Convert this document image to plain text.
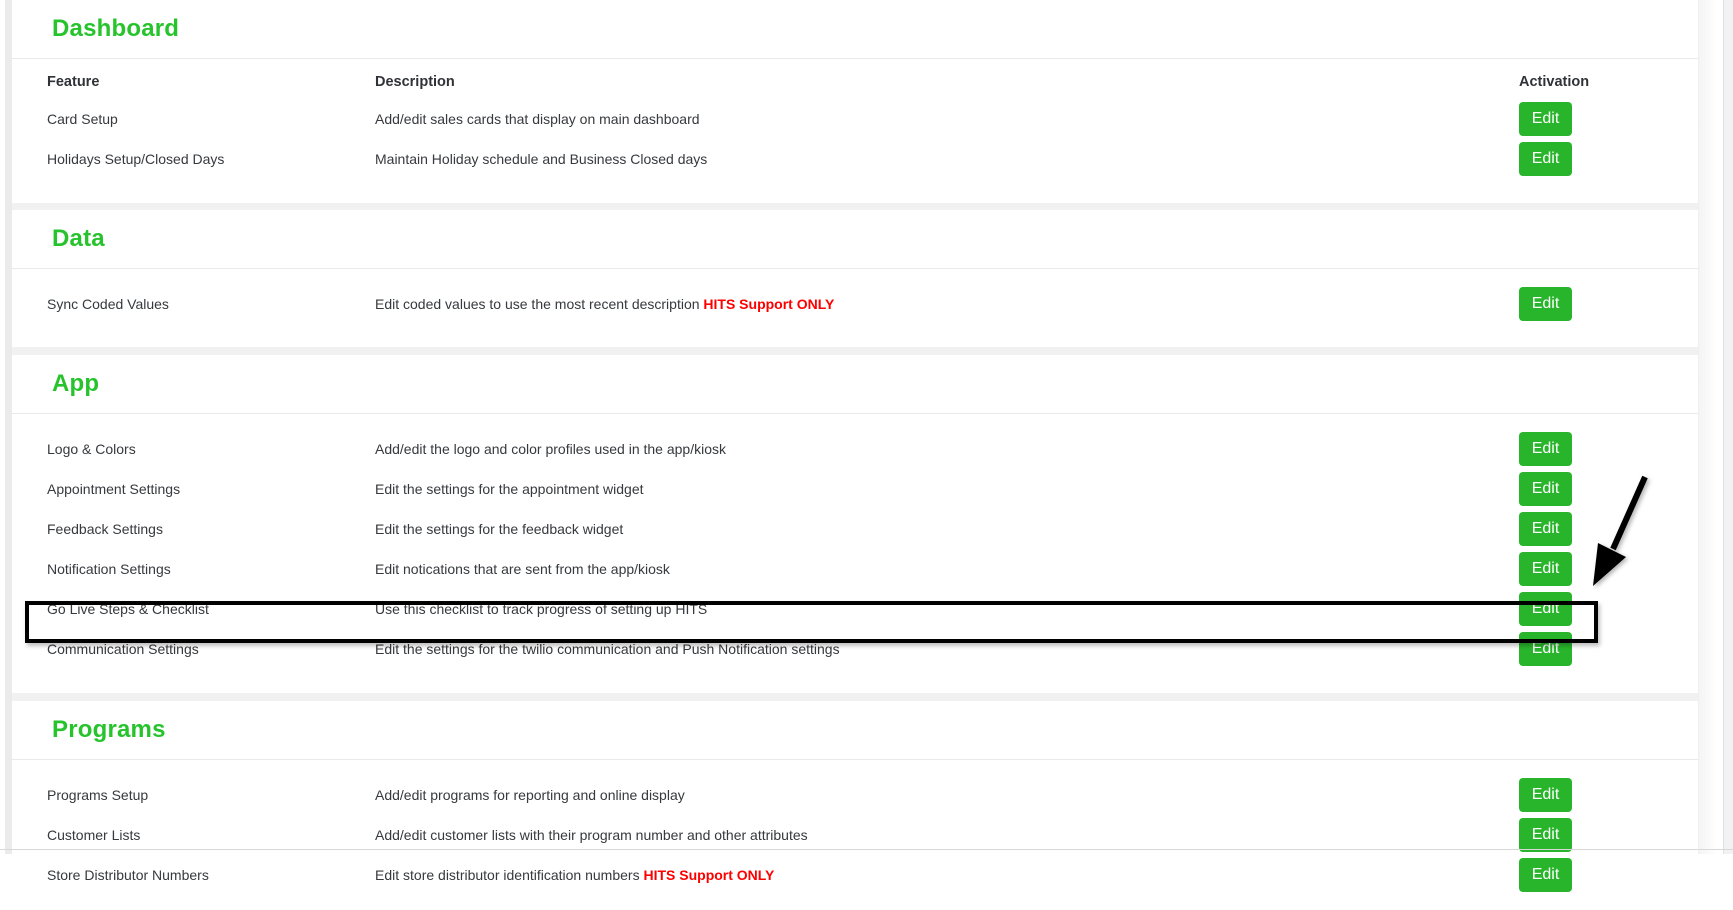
Dashboard
Feature	Description	Activation
Card Setup	Add/edit sales cards that display on main dashboard	Edit
Holidays Setup/Closed Days	Maintain Holiday schedule and Business Closed days	Edit
Data
Sync Coded Values	Edit coded values to use the most recent description HITS Support ONLY	Edit
App
Logo & Colors	Add/edit the logo and color profiles used in the app/kiosk	Edit
Appointment Settings	Edit the settings for the appointment widget	Edit
Feedback Settings	Edit the settings for the feedback widget	Edit
Notification Settings	Edit notications that are sent from the app/kiosk	Edit
Go Live Steps & Checklist	Use this checklist to track progress of setting up HITS	Edit
Communication Settings	Edit the settings for the twilio communication and Push Notification settings	Edit
Programs
Programs Setup	Add/edit programs for reporting and online display	Edit
Customer Lists	Add/edit customer lists with their program number and other attributes	Edit
Store Distributor Numbers	Edit store distributor identification numbers HITS Support ONLY	Edit
